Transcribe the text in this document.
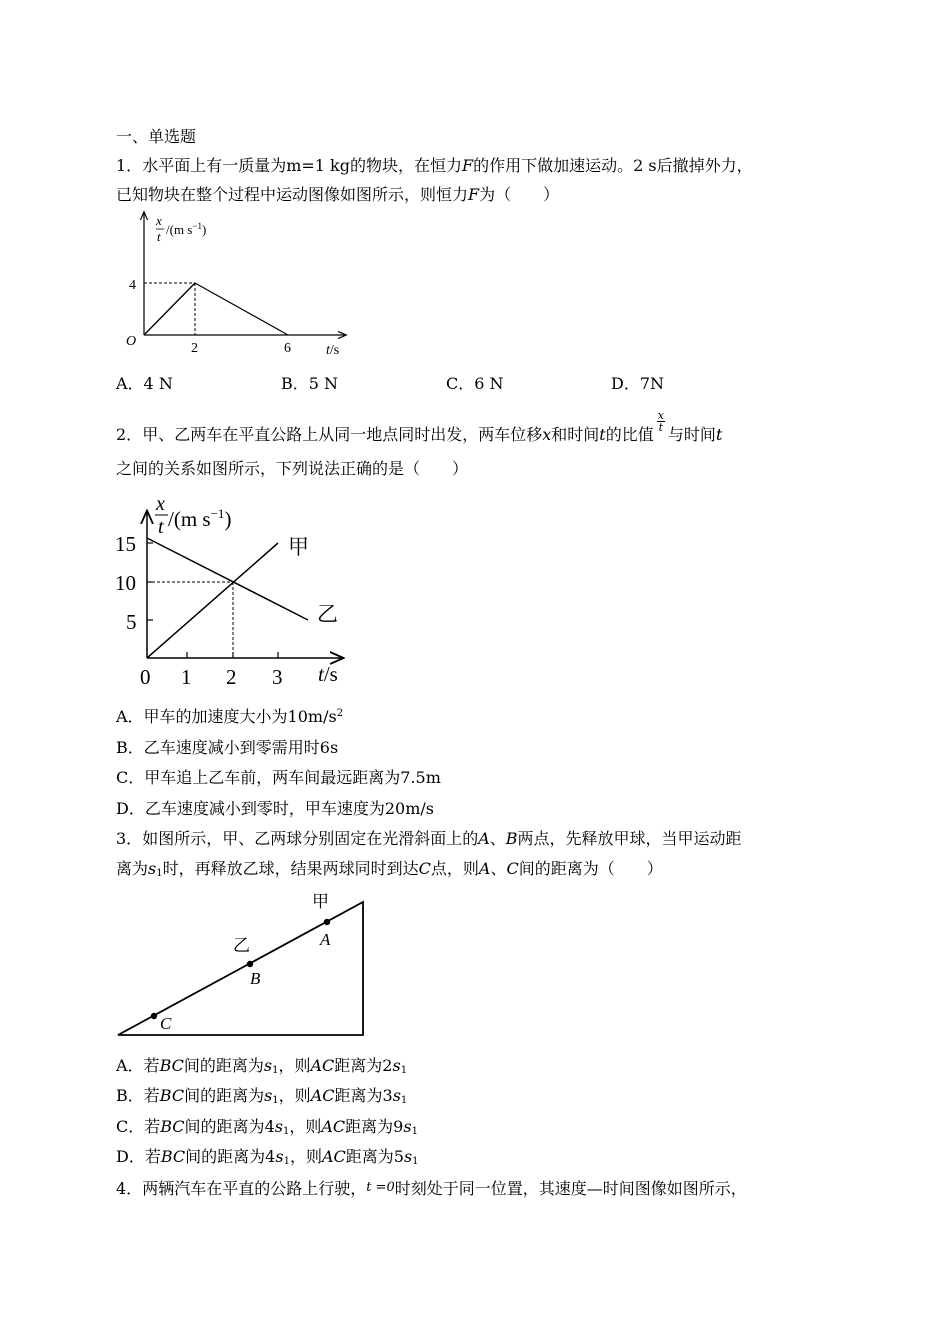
一、单选题
1．水平面上有一质量为m=1 kg的物块，在恒力F的作用下做加速运动。2 s后撤掉外力，
已知物块在整个过程中运动图像如图所示，则恒力F为（　　）
x
t /(m $s^{-1}$)
4
O	2	6	t/s
A．4 N	B．5 N	C．6 N	D．7N
2．甲、乙两车在平直公路上从同一地点同时出发，两车位移x和时间t的比值
$\frac{x}{t}$
与时间t
之间的关系如图所示，下列说法正确的是（　　）
x
t /(m $s^{-1}$)
15
10
5
0 1 2 3 t/s
甲
乙
A．甲车的加速度大小为$10m/s^2$
B．乙车速度减小到零需用时6s
C．甲车追上乙车前，两车间最远距离为7.5m
D．乙车速度减小到零时，甲车速度为20m/s
3．如图所示，甲、乙两球分别固定在光滑斜面上的A、B两点，先释放甲球，当甲运动距
离为$s_1$时，再释放乙球，结果两球同时到达C点，则A、C间的距离为（　　）
甲
A
乙
B
C
A．若BC间的距离为$s_1$，则AC距离为$2s_1$
B．若BC间的距离为$s_1$，则AC距离为$3s_1$
C．若BC间的距离为$4s_1$，则AC距离为$9s_1$
D．若BC间的距离为$4s_1$，则AC距离为$5s_1$
4．两辆汽车在平直的公路上行驶，t =0时刻处于同一位置，其速度—时间图像如图所示，
